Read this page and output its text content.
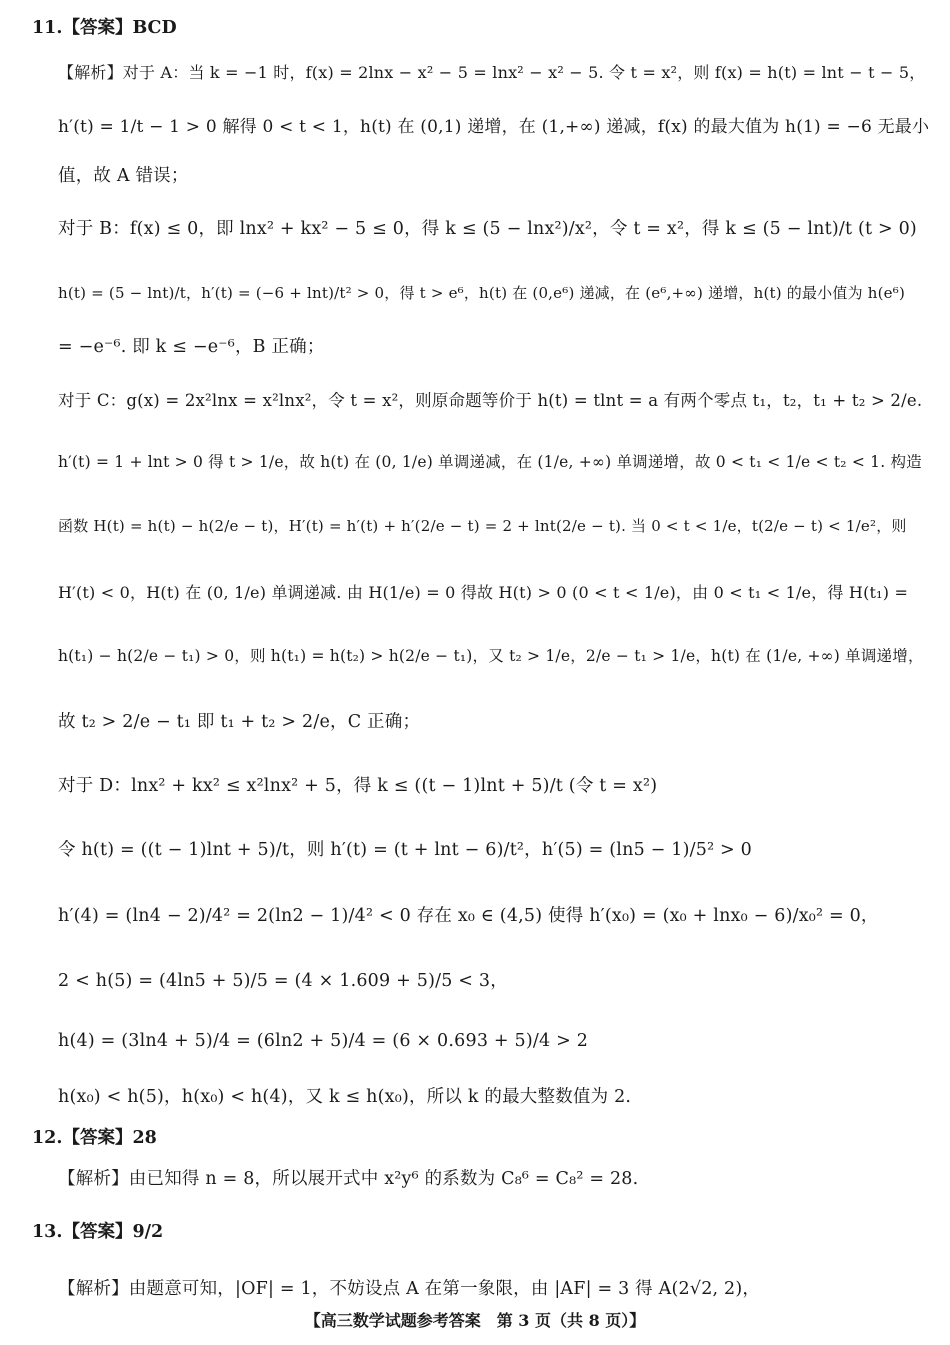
11.【答案】BCD
【解析】对于 A：当 k = −1 时，f(x) = 2lnx − x² − 5 = lnx² − x² − 5. 令 t = x²，则 f(x) = h(t) = lnt − t − 5，
h′(t) = 1/t − 1 > 0 解得 0 < t < 1，h(t) 在 (0,1) 递增，在 (1,+∞) 递减，f(x) 的最大值为 h(1) = −6 无最小
值，故 A 错误；
对于 B：f(x) ≤ 0，即 lnx² + kx² − 5 ≤ 0，得 k ≤ (5 − lnx²)/x²，令 t = x²，得 k ≤ (5 − lnt)/t (t > 0)
h(t) = (5 − lnt)/t，h′(t) = (−6 + lnt)/t² > 0，得 t > e⁶，h(t) 在 (0,e⁶) 递减，在 (e⁶,+∞) 递增，h(t) 的最小值为 h(e⁶)
= −e⁻⁶. 即 k ≤ −e⁻⁶，B 正确；
对于 C：g(x) = 2x²lnx = x²lnx²，令 t = x²，则原命题等价于 h(t) = tlnt = a 有两个零点 t₁，t₂，t₁ + t₂ > 2/e.
h′(t) = 1 + lnt > 0 得 t > 1/e，故 h(t) 在 (0, 1/e) 单调递减，在 (1/e, +∞) 单调递增，故 0 < t₁ < 1/e < t₂ < 1. 构造
函数 H(t) = h(t) − h(2/e − t)，H′(t) = h′(t) + h′(2/e − t) = 2 + lnt(2/e − t). 当 0 < t < 1/e，t(2/e − t) < 1/e²，则
H′(t) < 0，H(t) 在 (0, 1/e) 单调递减. 由 H(1/e) = 0 得故 H(t) > 0 (0 < t < 1/e)，由 0 < t₁ < 1/e，得 H(t₁) =
h(t₁) − h(2/e − t₁) > 0，则 h(t₁) = h(t₂) > h(2/e − t₁)，又 t₂ > 1/e，2/e − t₁ > 1/e，h(t) 在 (1/e, +∞) 单调递增，
故 t₂ > 2/e − t₁ 即 t₁ + t₂ > 2/e，C 正确；
对于 D：lnx² + kx² ≤ x²lnx² + 5，得 k ≤ ((t − 1)lnt + 5)/t (令 t = x²)
令 h(t) = ((t − 1)lnt + 5)/t，则 h′(t) = (t + lnt − 6)/t²，h′(5) = (ln5 − 1)/5² > 0
h′(4) = (ln4 − 2)/4² = 2(ln2 − 1)/4² < 0 存在 x₀ ∈ (4,5) 使得 h′(x₀) = (x₀ + lnx₀ − 6)/x₀² = 0，
2 < h(5) = (4ln5 + 5)/5 = (4 × 1.609 + 5)/5 < 3，
h(4) = (3ln4 + 5)/4 = (6ln2 + 5)/4 = (6 × 0.693 + 5)/4 > 2
h(x₀) < h(5)，h(x₀) < h(4)，又 k ≤ h(x₀)，所以 k 的最大整数值为 2.
12.【答案】28
【解析】由已知得 n = 8，所以展开式中 x²y⁶ 的系数为 C₈⁶ = C₈² = 28.
13.【答案】9/2
【解析】由题意可知，|OF| = 1，不妨设点 A 在第一象限，由 |AF| = 3 得 A(2√2, 2)，
【高三数学试题参考答案　第 3 页（共 8 页）】
